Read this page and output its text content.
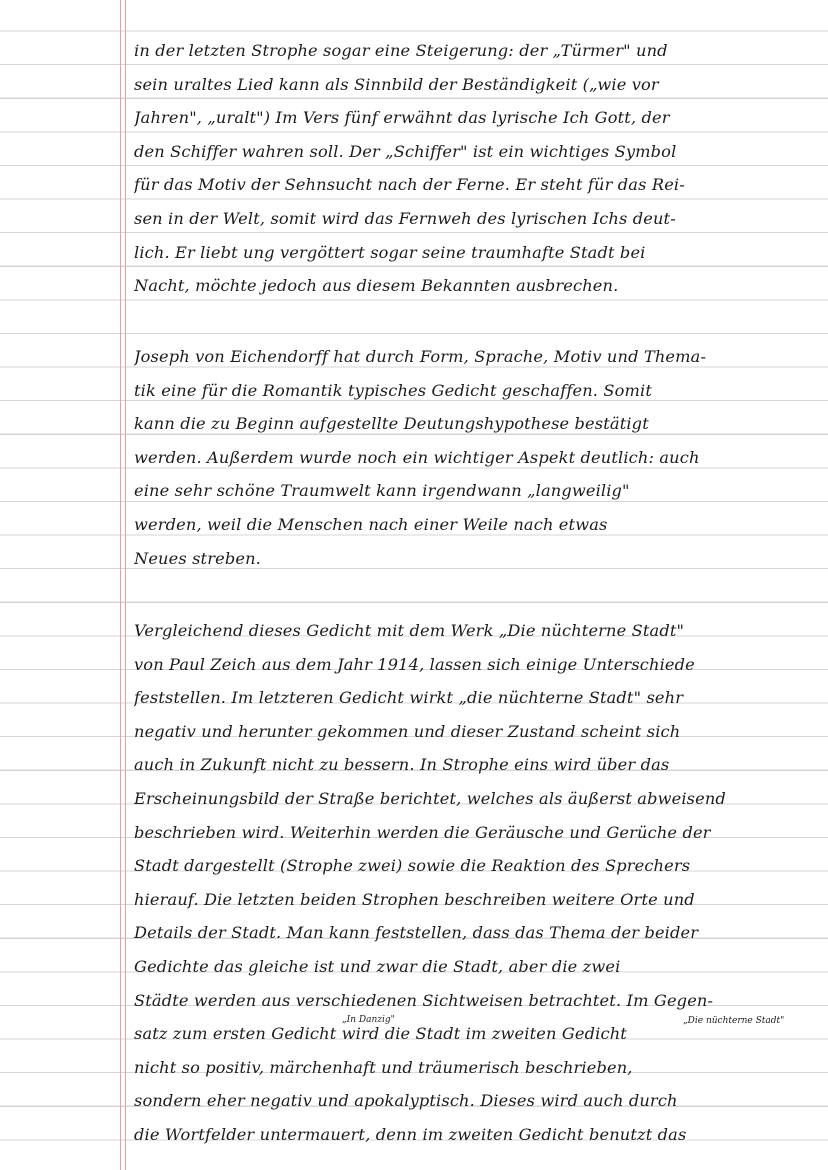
in der letzten Strophe sogar eine Steigerung: der „Türmer" und
sein uraltes Lied kann als Sinnbild der Beständigkeit („wie vor
Jahren", „uralt") Im Vers fünf erwähnt das lyrische Ich Gott, der
den Schiffer wahren soll. Der „Schiffer" ist ein wichtiges Symbol
für das Motiv der Sehnsucht nach der Ferne. Er steht für das Rei-
sen in der Welt, somit wird das Fernweh des lyrischen Ichs deut-
lich. Er liebt ung vergöttert sogar seine traumhafte Stadt bei
Nacht, möchte jedoch aus diesem Bekannten ausbrechen.
Joseph von Eichendorff hat durch Form, Sprache, Motiv und Thema-
tik eine für die Romantik typisches Gedicht geschaffen. Somit
kann die zu Beginn aufgestellte Deutungshypothese bestätigt
werden. Außerdem wurde noch ein wichtiger Aspekt deutlich: auch
eine sehr schöne Traumwelt kann irgendwann „langweilig"
werden, weil die Menschen nach einer Weile nach etwas
Neues streben.
Vergleichend dieses Gedicht mit dem Werk „Die nüchterne Stadt"
von Paul Zeich aus dem Jahr 1914, lassen sich einige Unterschiede
feststellen. Im letzteren Gedicht wirkt „die nüchterne Stadt" sehr
negativ und herunter gekommen und dieser Zustand scheint sich
auch in Zukunft nicht zu bessern. In Strophe eins wird über das
Erscheinungsbild der Straße berichtet, welches als äußerst abweisend
beschrieben wird. Weiterhin werden die Geräusche und Gerüche der
Stadt dargestellt (Strophe zwei) sowie die Reaktion des Sprechers
hierauf. Die letzten beiden Strophen beschreiben weitere Orte und
Details der Stadt. Man kann feststellen, dass das Thema der beider
Gedichte das gleiche ist und zwar die Stadt, aber die zwei
Städte werden aus verschiedenen Sichtweisen betrachtet. Im Gegen-
satz zum ersten Gedicht wird die Stadt im zweiten Gedicht
nicht so positiv, märchenhaft und träumerisch beschrieben,
sondern eher negativ und apokalyptisch. Dieses wird auch durch
die Wortfelder untermauert, denn im zweiten Gedicht benutzt das
„In Danzig"	„Die nüchterne Stadt"
